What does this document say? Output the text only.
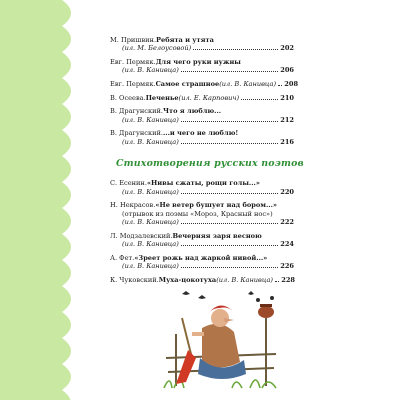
М. Пришвин. Ребята и утята
(ил. М. Белоусовой)	202
Евг. Пермяк. Для чего руки нужны
(ил. В. Канивца)	206
Евг. Пермяк. Самое страшное (ил. В. Канивца) 208
В. Осеева. Печенье (ил. Е. Карпович)	210
В. Драгунский. Что я люблю...
(ил. В. Канивца)	212
В. Драгунский. ...и чего не люблю!
(ил. В. Канивца)	216
Стихотворения русских поэтов
С. Есенин. «Нивы сжаты, рощи голы...»
(ил. В. Канивца)	220
Н. Некрасов. «Не ветер бушует над бором...»
(отрывок из поэмы «Мороз, Красный нос»)
(ил. В. Канивца)	222
Л. Модзалевский. Вечерняя заря весною
(ил. В. Канивца)	224
А. Фет. «Зреет рожь над жаркой нивой...»
(ил. В. Канивца)	226
К. Чуковский. Муха-цокотуха (ил. В. Канивца) 228
